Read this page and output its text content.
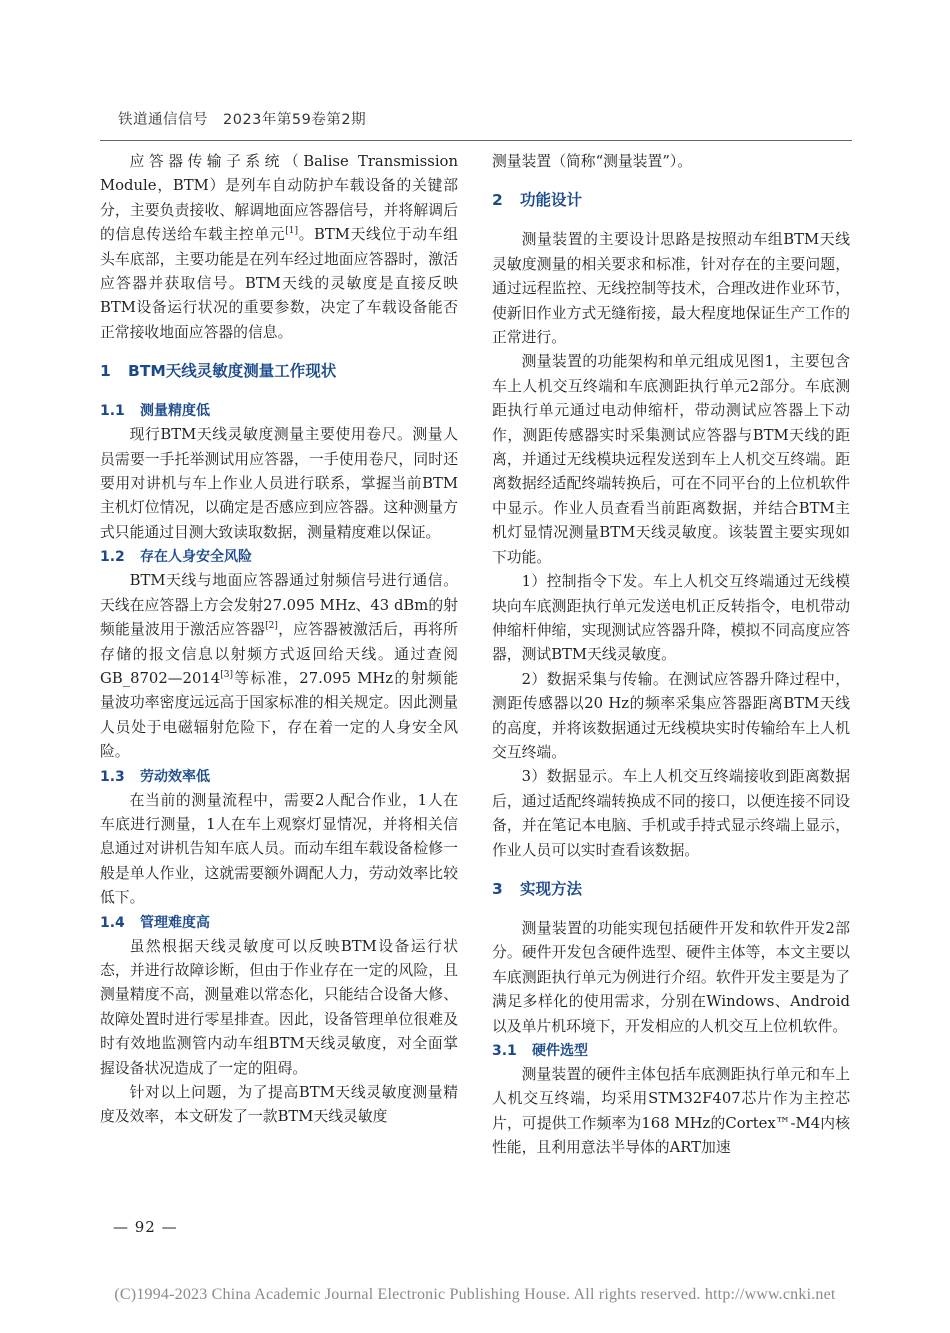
铁道通信信号　2023年第59卷第2期

应答器传输子系统（Balise Transmission Module，BTM）是列车自动防护车载设备的关键部分，主要负责接收、解调地面应答器信号，并将解调后的信息传送给车载主控单元[1]。BTM天线位于动车组头车底部，主要功能是在列车经过地面应答器时，激活应答器并获取信号。BTM天线的灵敏度是直接反映BTM设备运行状况的重要参数，决定了车载设备能否正常接收地面应答器的信息。

1 BTM天线灵敏度测量工作现状
1.1 测量精度低

现行BTM天线灵敏度测量主要使用卷尺。测量人员需要一手托举测试用应答器，一手使用卷尺，同时还要用对讲机与车上作业人员进行联系，掌握当前BTM主机灯位情况，以确定是否感应到应答器。这种测量方式只能通过目测大致读取数据，测量精度难以保证。

1.2 存在人身安全风险

BTM天线与地面应答器通过射频信号进行通信。天线在应答器上方会发射27.095 MHz、43 dBm的射频能量波用于激活应答器[2]，应答器被激活后，再将所存储的报文信息以射频方式返回给天线。通过查阅GB_8702—2014[3]等标准，27.095 MHz的射频能量波功率密度远远高于国家标准的相关规定。因此测量人员处于电磁辐射危险下，存在着一定的人身安全风险。

1.3 劳动效率低

在当前的测量流程中，需要2人配合作业，1人在车底进行测量，1人在车上观察灯显情况，并将相关信息通过对讲机告知车底人员。而动车组车载设备检修一般是单人作业，这就需要额外调配人力，劳动效率比较低下。

1.4 管理难度高

虽然根据天线灵敏度可以反映BTM设备运行状态，并进行故障诊断，但由于作业存在一定的风险，且测量精度不高，测量难以常态化，只能结合设备大修、故障处置时进行零星排查。因此，设备管理单位很难及时有效地监测管内动车组BTM天线灵敏度，对全面掌握设备状况造成了一定的阻碍。

针对以上问题，为了提高BTM天线灵敏度测量精度及效率，本文研发了一款BTM天线灵敏度

测量装置（简称“测量装置”）。

2 功能设计

测量装置的主要设计思路是按照动车组BTM天线灵敏度测量的相关要求和标准，针对存在的主要问题，通过远程监控、无线控制等技术，合理改进作业环节，使新旧作业方式无缝衔接，最大程度地保证生产工作的正常进行。

测量装置的功能架构和单元组成见图1，主要包含车上人机交互终端和车底测距执行单元2部分。车底测距执行单元通过电动伸缩杆，带动测试应答器上下动作，测距传感器实时采集测试应答器与BTM天线的距离，并通过无线模块远程发送到车上人机交互终端。距离数据经适配终端转换后，可在不同平台的上位机软件中显示。作业人员查看当前距离数据，并结合BTM主机灯显情况测量BTM天线灵敏度。该装置主要实现如下功能。

1）控制指令下发。车上人机交互终端通过无线模块向车底测距执行单元发送电机正反转指令，电机带动伸缩杆伸缩，实现测试应答器升降，模拟不同高度应答器，测试BTM天线灵敏度。

2）数据采集与传输。在测试应答器升降过程中，测距传感器以20 Hz的频率采集应答器距离BTM天线的高度，并将该数据通过无线模块实时传输给车上人机交互终端。

3）数据显示。车上人机交互终端接收到距离数据后，通过适配终端转换成不同的接口，以便连接不同设备，并在笔记本电脑、手机或手持式显示终端上显示，作业人员可以实时查看该数据。

3 实现方法

测量装置的功能实现包括硬件开发和软件开发2部分。硬件开发包含硬件选型、硬件主体等，本文主要以车底测距执行单元为例进行介绍。软件开发主要是为了满足多样化的使用需求，分别在Windows、Android以及单片机环境下，开发相应的人机交互上位机软件。

3.1 硬件选型

测量装置的硬件主体包括车底测距执行单元和车上人机交互终端，均采用STM32F407芯片作为主控芯片，可提供工作频率为168 MHz的Cortex™-M4内核性能，且利用意法半导体的ART加速

— 92 —
(C)1994-2023 China Academic Journal Electronic Publishing House. All rights reserved. http://www.cnki.net
